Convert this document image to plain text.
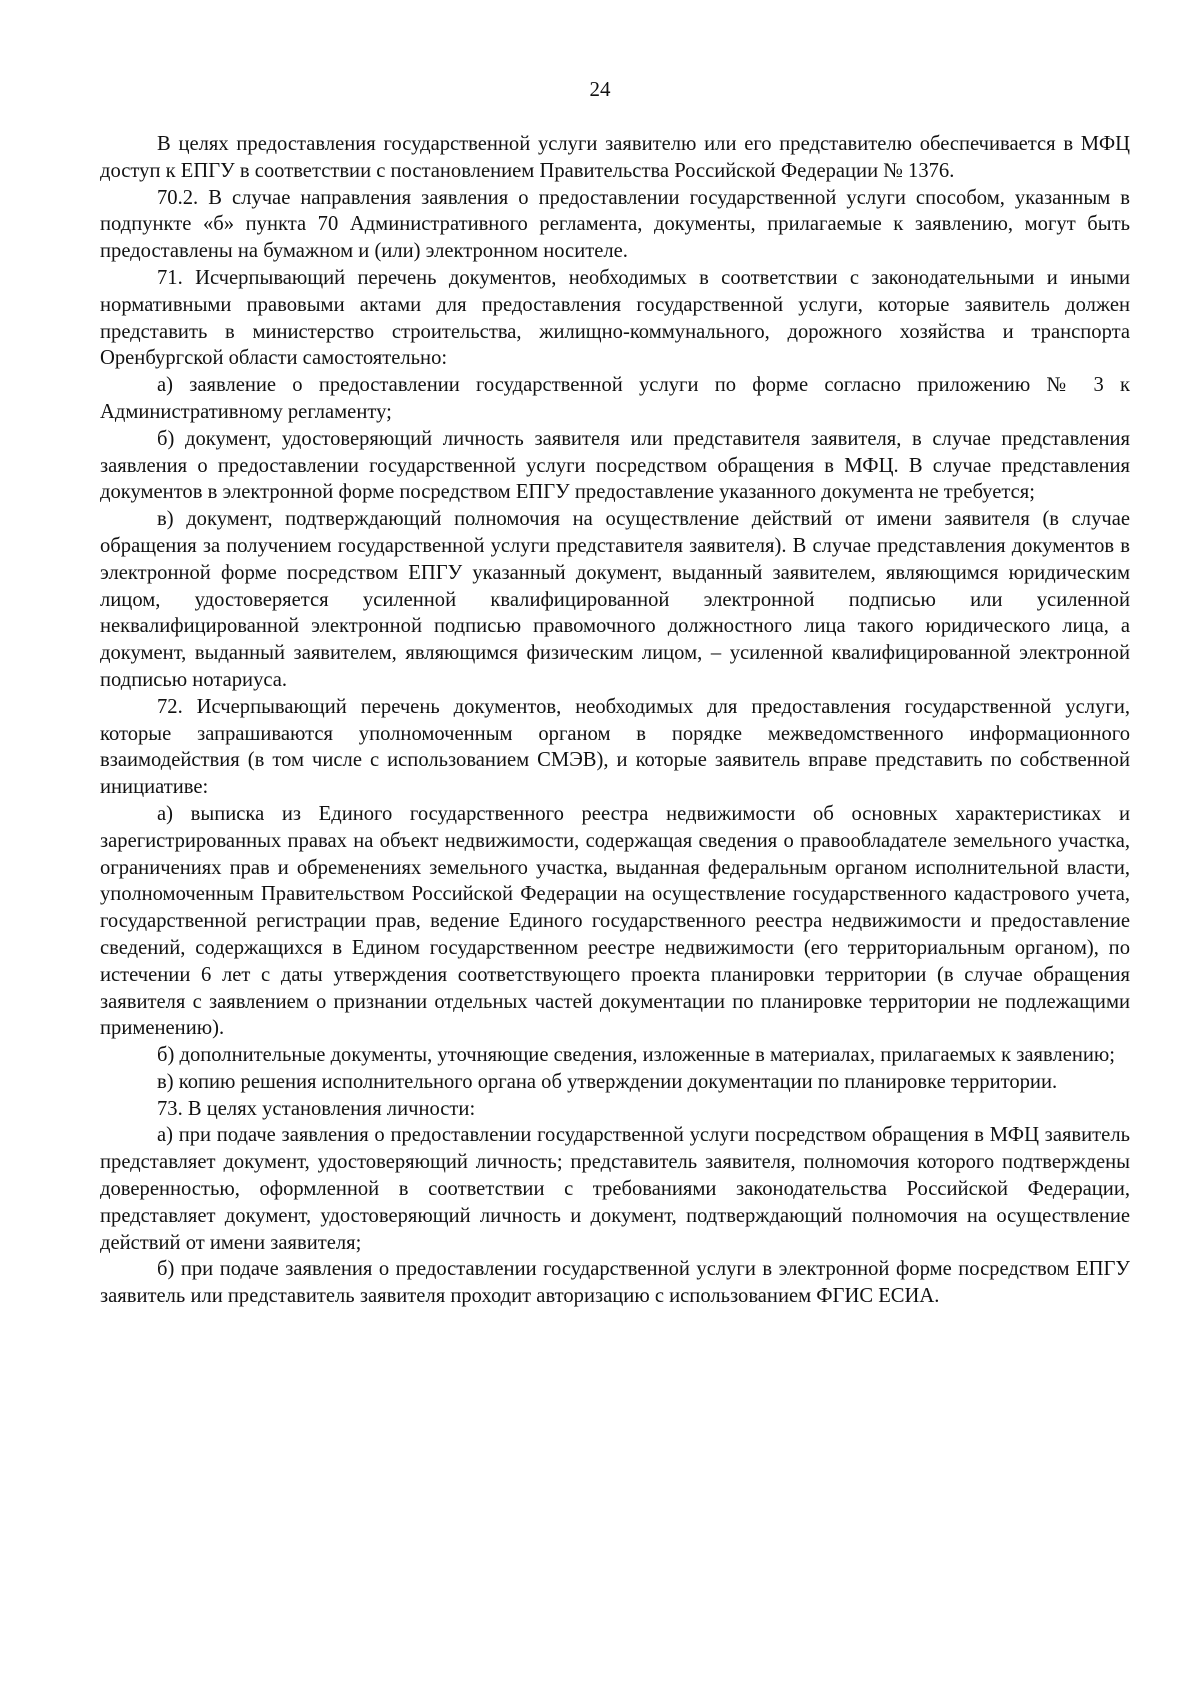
24

В целях предоставления государственной услуги заявителю или его представителю обеспечивается в МФЦ доступ к ЕПГУ в соответствии с постановлением Правительства Российской Федерации № 1376.

70.2. В случае направления заявления о предоставлении государственной услуги способом, указанным в подпункте «б» пункта 70 Административного регламента, документы, прилагаемые к заявлению, могут быть предоставлены на бумажном и (или) электронном носителе.

71. Исчерпывающий перечень документов, необходимых в соответствии с законодательными и иными нормативными правовыми актами для предоставления государственной услуги, которые заявитель должен представить в министерство строительства, жилищно-коммунального, дорожного хозяйства и транспорта Оренбургской области самостоятельно:

а) заявление о предоставлении государственной услуги по форме согласно приложению № 3 к Административному регламенту;

б) документ, удостоверяющий личность заявителя или представителя заявителя, в случае представления заявления о предоставлении государственной услуги посредством обращения в МФЦ. В случае представления документов в электронной форме посредством ЕПГУ предоставление указанного документа не требуется;

в) документ, подтверждающий полномочия на осуществление действий от имени заявителя (в случае обращения за получением государственной услуги представителя заявителя). В случае представления документов в электронной форме посредством ЕПГУ указанный документ, выданный заявителем, являющимся юридическим лицом, удостоверяется усиленной квалифицированной электронной подписью или усиленной неквалифицированной электронной подписью правомочного должностного лица такого юридического лица, а документ, выданный заявителем, являющимся физическим лицом, – усиленной квалифицированной электронной подписью нотариуса.

72. Исчерпывающий перечень документов, необходимых для предоставления государственной услуги, которые запрашиваются уполномоченным органом в порядке межведомственного информационного взаимодействия (в том числе с использованием СМЭВ), и которые заявитель вправе представить по собственной инициативе:

а) выписка из Единого государственного реестра недвижимости об основных характеристиках и зарегистрированных правах на объект недвижимости, содержащая сведения о правообладателе земельного участка, ограничениях прав и обременениях земельного участка, выданная федеральным органом исполнительной власти, уполномоченным Правительством Российской Федерации на осуществление государственного кадастрового учета, государственной регистрации прав, ведение Единого государственного реестра недвижимости и предоставление сведений, содержащихся в Едином государственном реестре недвижимости (его территориальным органом), по истечении 6 лет с даты утверждения соответствующего проекта планировки территории (в случае обращения заявителя с заявлением о признании отдельных частей документации по планировке территории не подлежащими применению).

б) дополнительные документы, уточняющие сведения, изложенные в материалах, прилагаемых к заявлению;

в) копию решения исполнительного органа об утверждении документации по планировке территории.

73. В целях установления личности:

а) при подаче заявления о предоставлении государственной услуги посредством обращения в МФЦ заявитель представляет документ, удостоверяющий личность; представитель заявителя, полномочия которого подтверждены доверенностью, оформленной в соответствии с требованиями законодательства Российской Федерации, представляет документ, удостоверяющий личность и документ, подтверждающий полномочия на осуществление действий от имени заявителя;

б) при подаче заявления о предоставлении государственной услуги в электронной форме посредством ЕПГУ заявитель или представитель заявителя проходит авторизацию с использованием ФГИС ЕСИА.
